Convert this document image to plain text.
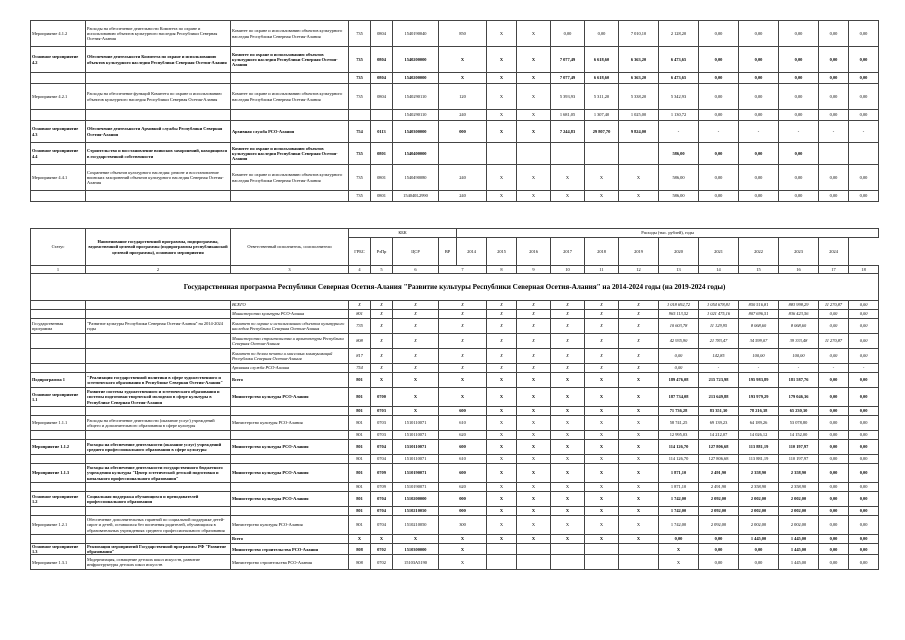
Мероприятие 4.1.2	Расходы на обеспечение деятельности Комитета по охране и использованию объектов культурного наследия Республики Северная Осетия-Алания	Комитет по охране и использованию объектов культурного наследия Республики Северная Осетия-Алания	735	0804	1540190040	850	X	X	0,00	0,00	7 010,10	2 128,20	0,00	0,00	0,00	0,00	0,00
Основное мероприятие 4.2	Обеспечение деятельности Комитета по охране и использованию объектов культурного наследия Республики Северная Осетия-Алания	Комитет по охране и использованию объектов культурного наследия Республики Северная Осетия-Алания	735	0804	1540200000	X	X	X	7 077,49	6 618,60	6 363,20	6 473,65	0,00	0,00	0,00	0,00	0,00
			735	0804	1540200000	X	X	X	7 077,49	6 618,60	6 363,20	6 473,65	0,00	0,00	0,00	0,00	0,00
Мероприятие 4.2.1	Расходы на обеспечение функций Комитета по охране и использованию объектов культурного наследия Республики Северная Осетия-Алания	Комитет по охране и использованию объектов культурного наследия Республики Северная Осетия-Алания	735	0804	1540290110	120	X	X	5 393,93	5 311,20	5 338,20	5 342,93	0,00	0,00	0,00	0,00	0,00
					1540290110	240	X	X	1 681,05	1 307,40	1 025,00	1 130,72	0,00	0,00	0,00	0,00	0,00
Основное мероприятие 4.3	Обеспечение деятельности Архивной службы Республики Северная Осетия-Алания	Архивная служба РСО-Алания	754	0113	1540300000	000	X	X	7 244,83	29 807,70	9 824,00	-	-	-	-	-	-
Основное мероприятие 4.4	Строительство и восстановление воинских захоронений, находящихся в государственной собственности	Комитет по охране и использованию объектов культурного наследия Республики Северная Осетия-Алания	735	0801	1540400000							586,00	0,00	0,00	0,00		
Мероприятие 4.4.1	Сохранение объектов культурного наследия: ремонт и восстановление воинских захоронений объектов культурного наследия Северная Осетия-Алания	Комитет по охране и использованию объектов культурного наследия Республики Северная Осетия-Алания	735	0801	1540490080	240	X	X	X	X	X	586,00	0,00	0,00	0,00	0,00	0,00
			735	0801	154040L2990	240	X	X	X	X	X	586,00	0,00	0,00	0,00	0,00	0,00
Статус	Наименование государственной программы, подпрограммы, ведомственной целевой программы (подпрограммы республиканской целевой программы), основного мероприятия	Ответственный исполнитель, соисполнители	КБК				Расходы (тыс. рублей), годы											
			ГРБС	РзПр	ЦСР	ВР	2014	2015	2016	2017	2018	2019	2020	2021	2022	2023	2024	
1	2	3	4	5	6	7		8	9	10	11	12	13	14	15	16	17	18
Государственная программа Республики Северная Осетия-Алания "Развитие культуры Республики Северная Осетия-Алания" на 2014-2024 годы (на 2019-2024 годы)																		
		ВСЕГО	X	X	X	X		X	X	X	X	X	1 018 692,72	1 054 678,81	850 516,81	883 998,29	11 270,87	0,00
		Министерство культуры РСО-Алания	801	X	X	X		X	X	X	X	X	965 113,52	1 021 475,16	807 696,51	836 423,56	0,00	0,00
Государственная программа	"Развитие культуры Республики Северная Осетия-Алания" на 2014-2024 годы	Комитет по охране и использованию объектов культурного наследия Республики Северная Осетия-Алания	735	X	X	X		X	X	X	X	X	10 603,78	11 129,95	8 068,60	8 068,60	0,00	0,00
		Министерство строительства и архитектуры Республики Северная Осетия-Алания	808	X	X	X		X	X	X	X	X	42 935,90	21 783,47	34 599,07	39 333,48	11 270,87	0,00
		Комитет по делам печати и массовых коммуникаций Республики Северная Осетия-Алания	817	X	X	X		X	X	X	X	X	0,00	142,85	100,00	100,00	0,00	0,00
		Архивная служба РСО-Алания	754	X	X	X		X	X	X	X	X	0,00	-	-	-	-	-
Подпрограмма 1	"Реализация государственной политики в сфере художественного и эстетического образования в Республике Северная Осетия-Алания"	Всего	801	X	X	X		X	X	X	X	X	189 476,08	215 723,98	195 983,89	181 587,76	0,00	0,00
Основное мероприятие 1.1	Развитие системы художественного и эстетического образования и системы подготовки творческой молодежи в сфере культуры в Республике Северная Осетия-Алания	Министерство культуры РСО-Алания	801	0700	X	X		X	X	X	X	X	187 734,08	213 649,88	193 979,29	179 046,36	0,00	0,00
			801	0703	X	600		X	X	X	X	X	71 736,28	83 351,30	78 216,38	65 230,30	0,00	0,00
Мероприятие 1.1.1	Расходы на обеспечение деятельности (оказание услуг) учреждений общего и дополнительного образования в сфере культуры	Министерство культуры РСО-Алания	801	0703	1510110071	610		X	X	X	X	X	58 741,25	69 139,23	64 189,26	53 078,80	0,00	0,00
			801	0703	1510110071	620		X	X	X	X	X	12 995,03	14 212,07	14 026,12	14 152,00	0,00	0,00
Мероприятие 1.1.2	Расходы на обеспечение деятельности (оказание услуг) учреждений среднего профессионального образования в сфере культуры	Министерство культуры РСО-Алания	801	0704	1510110071	600		X	X	X	X	X	114 126,70	127 806,68	113 881,19	110 197,97	0,00	0,00
			801	0704	1510110071	610		X	X	X	X	X	114 126,70	127 806,68	113 881,19	110 197,97	0,00	0,00
Мероприятие 1.1.3	Расходы на обеспечение деятельности государственного бюджетного учреждения культуры "Центр эстетической детской подготовки и начального профессионального образования"	Министерство культуры РСО-Алания	801	0709	1510190071	600		X	X	X	X	X	1 871,10	2 491,90	2 358,90	2 358,90	0,00	0,00
			801	0709	1510190071	620		X	X	X	X	X	1 871,10	2 491,90	2 358,90	2 358,90	0,00	0,00
Основное мероприятие 1.2	Социальная поддержка обучающихся и преподавателей профессионального образования	Министерство культуры РСО-Алания	801	0704	1510200000	000		X	X	X	X	X	1 742,00	2 092,00	2 002,00	2 002,00	0,00	0,00
			801	0704	1510210050	000		X	X	X	X	X	1 742,00	2 092,00	2 002,00	2 002,00	0,00	0,00
Мероприятие 1.2.1	Обеспечение дополнительных гарантий по социальной поддержке детей-сирот и детей, оставшихся без попечения родителей, обучающихся в образовательных учреждениях среднего профессионального образования	Министерство культуры РСО-Алания	801	0704	1510210050	300		X	X	X	X	X	1 742,00	2 092,00	2 002,00	2 002,00	0,00	0,00
		Всего	X	X	X	X		X	X	X	X	X	0,00	0,00	1 445,00	1 445,00	0,00	0,00
Основное мероприятие 1.3	Реализация мероприятий Государственной программы РФ "Развитие образования"	Министерство строительства РСО-Алания	808	0702	1510300000	X							X	0,00	0,00	1 445,00	0,00	0,00
Мероприятие 1.3.1	Модернизация, оснащение детских школ искусств, развитие инфраструктуры детских школ искусств	Министерство строительства РСО-Алания	808	0702	15103А5190	X							X	0,00	0,00	1 445,00	0,00	0,00
